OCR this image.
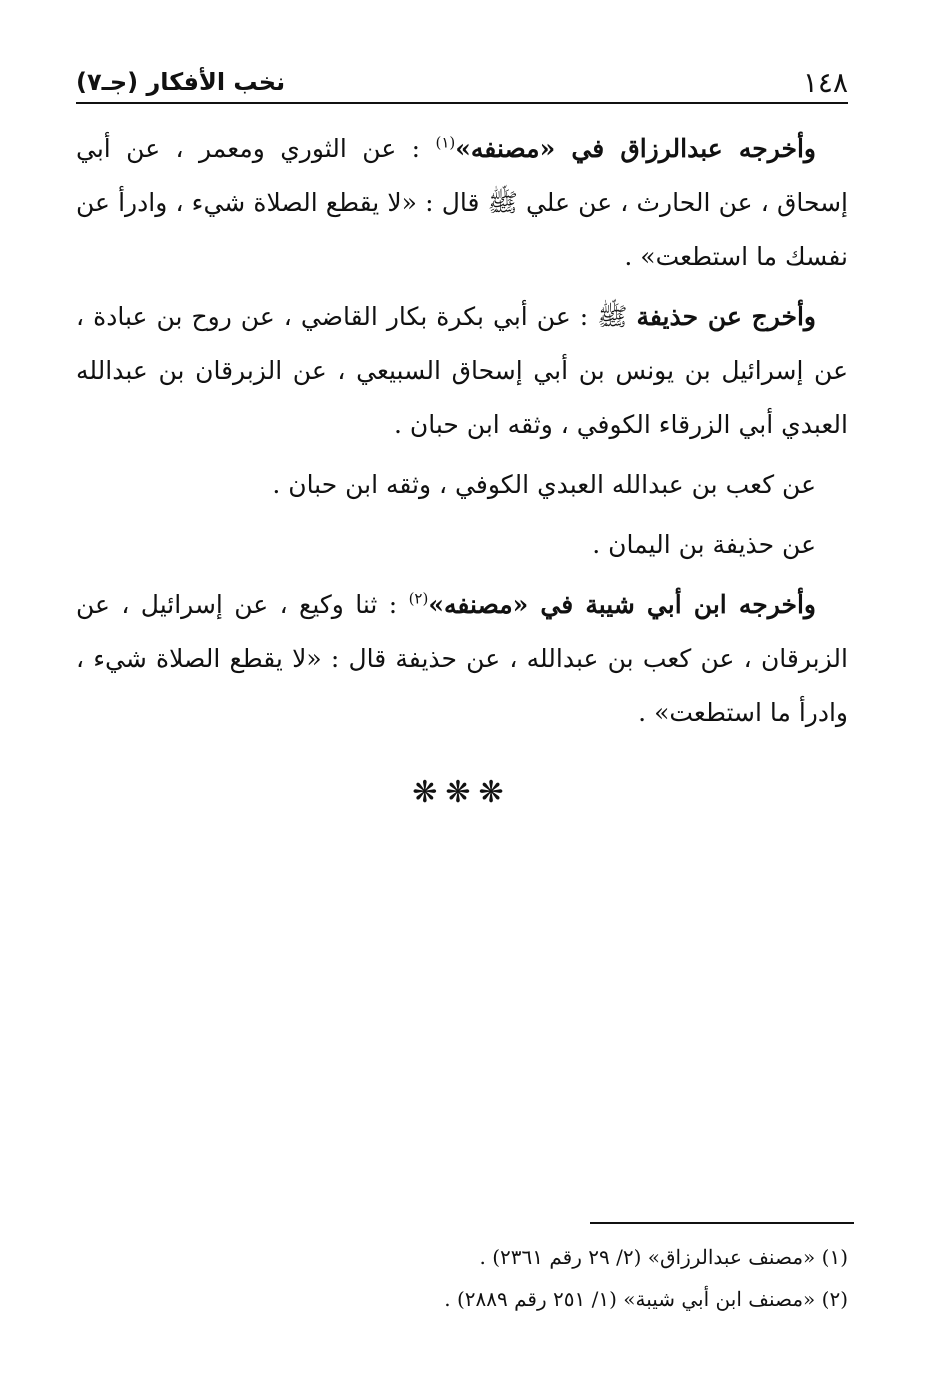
١٤٨
نخب الأفكار (جـ٧)

وأخرجه عبدالرزاق في «مصنفه»$^{(١)}$ : عن الثوري ومعمر ، عن أبي إسحاق ، عن الحارث ، عن علي ﷺ قال : «لا يقطع الصلاة شيء ، وادرأ عن نفسك ما استطعت» .

وأخرج عن حذيفة ﷺ : عن أبي بكرة بكار القاضي ، عن روح بن عبادة ، عن إسرائيل بن يونس بن أبي إسحاق السبيعي ، عن الزبرقان بن عبدالله العبدي أبي الزرقاء الكوفي ، وثقه ابن حبان .

عن كعب بن عبدالله العبدي الكوفي ، وثقه ابن حبان .

عن حذيفة بن اليمان .

وأخرجه ابن أبي شيبة في «مصنفه»$^{(٢)}$ : ثنا وكيع ، عن إسرائيل ، عن الزبرقان ، عن كعب بن عبدالله ، عن حذيفة قال : «لا يقطع الصلاة شيء ، وادرأ ما استطعت» .

❋❋❋

(١) «مصنف عبدالرزاق» (٢/ ٢٩ رقم ٢٣٦١) .

(٢) «مصنف ابن أبي شيبة» (١/ ٢٥١ رقم ٢٨٨٩) .
